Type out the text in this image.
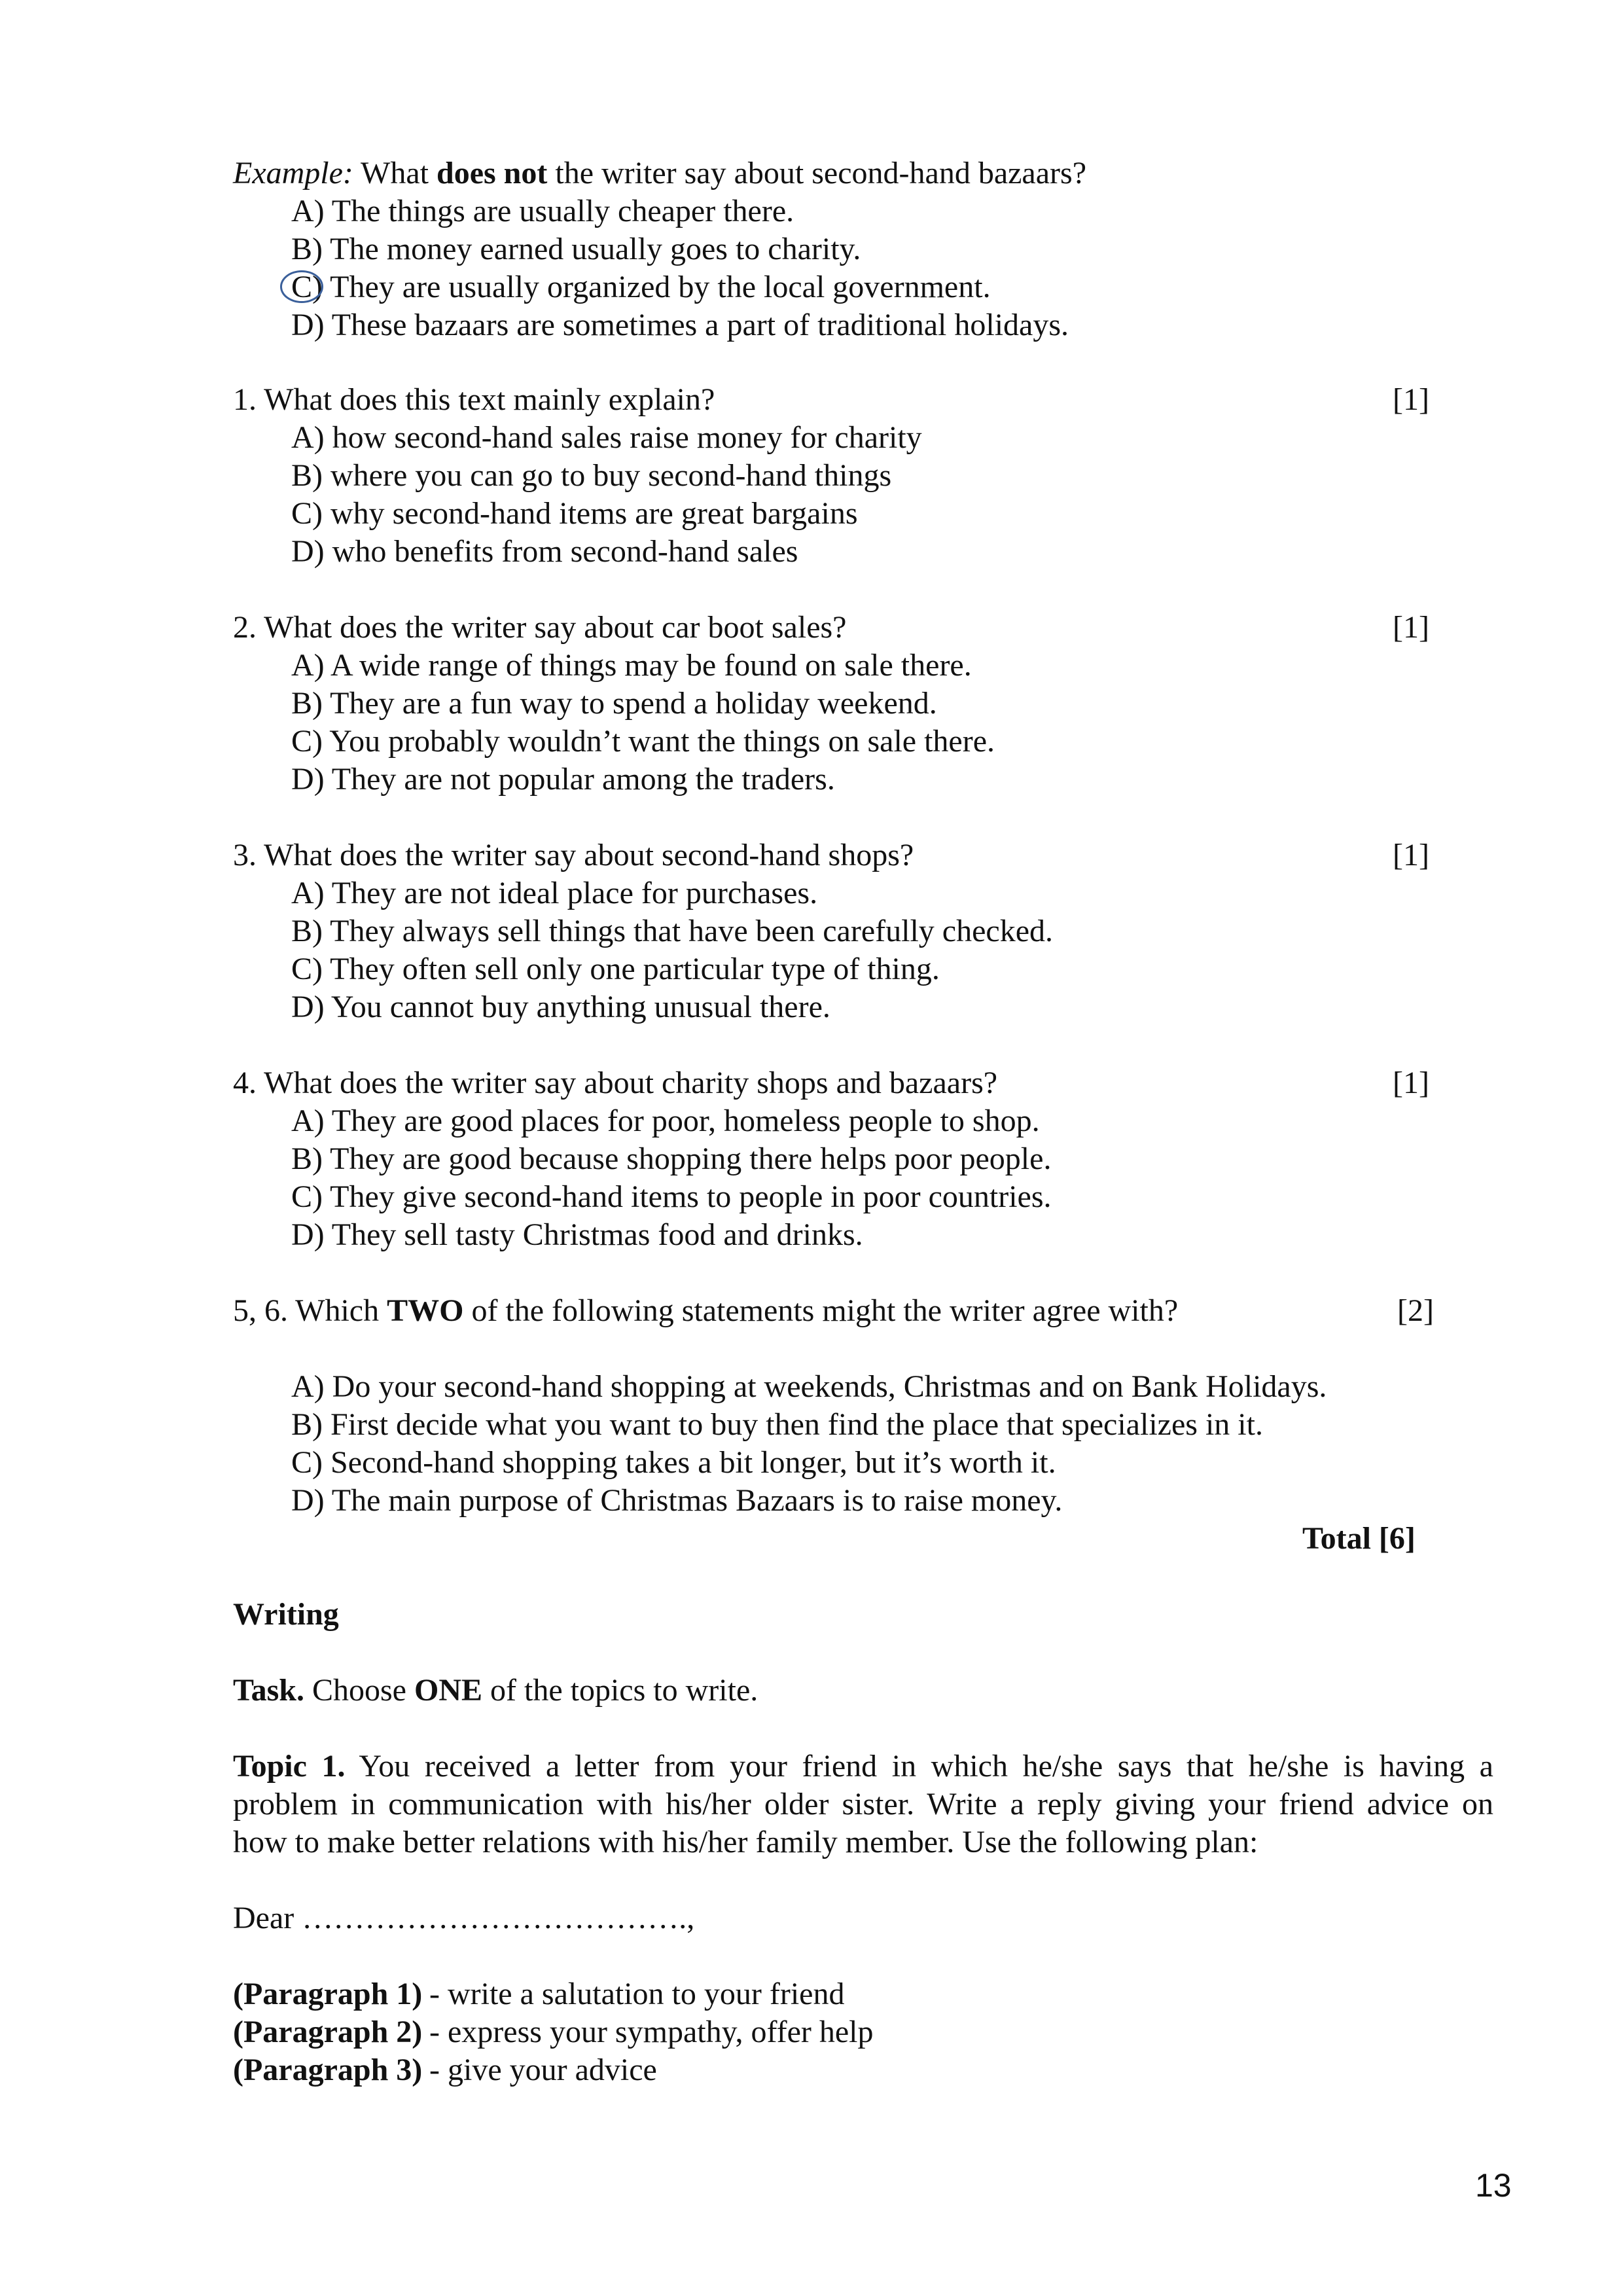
Example: What does not the writer say about second-hand bazaars?
A) The things are usually cheaper there.
B) The money earned usually goes to charity.
C) They are usually organized by the local government.
D) These bazaars are sometimes a part of traditional holidays.
1. What does this text mainly explain?	[1]
A) how second-hand sales raise money for charity
B) where you can go to buy second-hand things
C) why second-hand items are great bargains
D) who benefits from second-hand sales
2. What does the writer say about car boot sales?	[1]
A) A wide range of things may be found on sale there.
B) They are a fun way to spend a holiday weekend.
C) You probably wouldn’t want the things on sale there.
D) They are not popular among the traders.
3. What does the writer say about second-hand shops?	[1]
A) They are not ideal place for purchases.
B) They always sell things that have been carefully checked.
C) They often sell only one particular type of thing.
D) You cannot buy anything unusual there.
4. What does the writer say about charity shops and bazaars?	[1]
A) They are good places for poor, homeless people to shop.
B) They are good because shopping there helps poor people.
C) They give second-hand items to people in poor countries.
D) They sell tasty Christmas food and drinks.
5, 6. Which TWO of the following statements might the writer agree with?	[2]
A) Do your second-hand shopping at weekends, Christmas and on Bank Holidays.
B) First decide what you want to buy then find the place that specializes in it.
C) Second-hand shopping takes a bit longer, but it’s worth it.
D) The main purpose of Christmas Bazaars is to raise money.
Total [6]
Writing
Task. Choose ONE of the topics to write.
Topic 1. You received a letter from your friend in which he/she says that he/she is having a
problem in communication with his/her older sister. Write a reply giving your friend advice on
how to make better relations with his/her family member. Use the following plan:
Dear ……………………………….,
(Paragraph 1) - write a salutation to your friend
(Paragraph 2) - express your sympathy, offer help
(Paragraph 3) - give your advice
13
